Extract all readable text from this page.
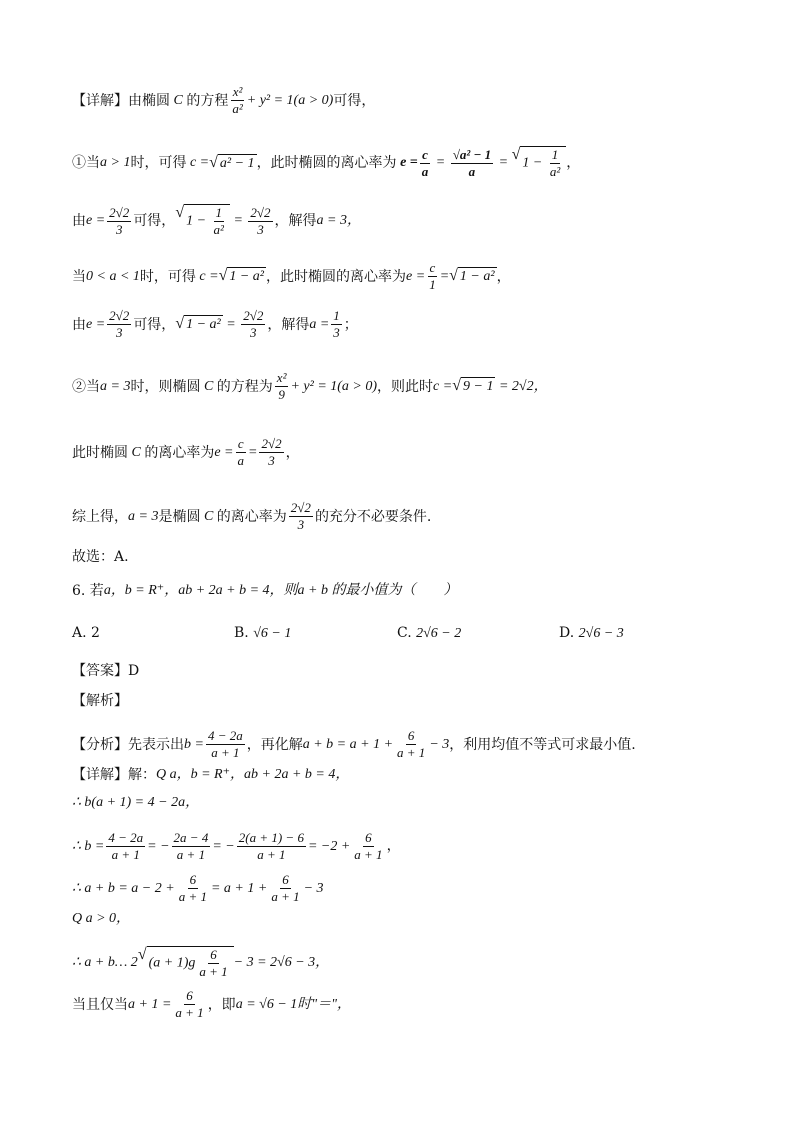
【详解】 由椭圆 C 的方程 $\frac{\text{x²}}{\text{a²}} + y^2 = 1(a > 0)$ 可得，
①当 a > 1 时，可得 c = √ a² − 1 ，此时椭圆的离心率为 $e = \frac{c}{a} = \frac{\text{√a² − 1}}{a}$ = √
$1 - \frac{1}{\text{a²}}$ ，
由 $e = \frac{2√2}{3}$ 可得， √
$1 - \frac{1}{\text{a²}} = \frac{2√2}{3}$ ，解得 a = 3，
当 0 < a < 1 时，可得 c = √ 1 − a² ，此时椭圆的离心率为 $e = \frac{c}{1}$ = √ 1 − a² ，
由 $e = \frac{2√2}{3}$ 可得， √ $1 - a^2 = \frac{2√2}{3}$ ，解得 $a = \frac{1}{3}$ ；
②当 a = 3 时，则椭圆 C 的方程为 $\frac{\text{x²}}{9} + y^2 = 1(a > 0)$ ，则此时 c = √ 9 − 1 = 2√2，
此时椭圆 C 的离心率为 $e = \frac{c}{a} = \frac{2√2}{3}$ ，
综上得， a = 3 是椭圆 C 的离心率为 $\frac{2√2}{3}$ 的充分不必要条件.
故选：A.
6. 若 a，b = R⁺，ab + 2a + b = 4，则a + b 的最小值为（　　）
A. 2	B. √6 − 1	C. 2√6 − 2	D. 2√6 − 3
【答案】D
【解析】
【分析】先表示出 $b = \frac{4 - 2a}{a + 1}$ ，再化解 $a + b = a + 1 + \frac{6}{a + 1} - 3$ ，利用均值不等式可求最小值.
【详解】解： Q a，b = R⁺，ab + 2a + b = 4，
∴ b(a + 1) = 4 − 2a，
∴ $b = \frac{4 - 2a}{a + 1}$ = − $\frac{2a - 4}{a + 1}$ = − $\frac{2(a + 1) - 6}{a + 1} = -2 + \frac{6}{a + 1}$ ，
∴ $a + b = a - 2 + \frac{6}{a + 1} = a + 1 + \frac{6}{a + 1} - 3$
Q a > 0，
∴ a + b… 2 √
$(a + 1)g \frac{6}{a + 1} - 3 = 2√6 - 3$，
当且仅当 $a + 1 = \frac{6}{a + 1}$ ，即 a = √6 − 1时"＝"，
